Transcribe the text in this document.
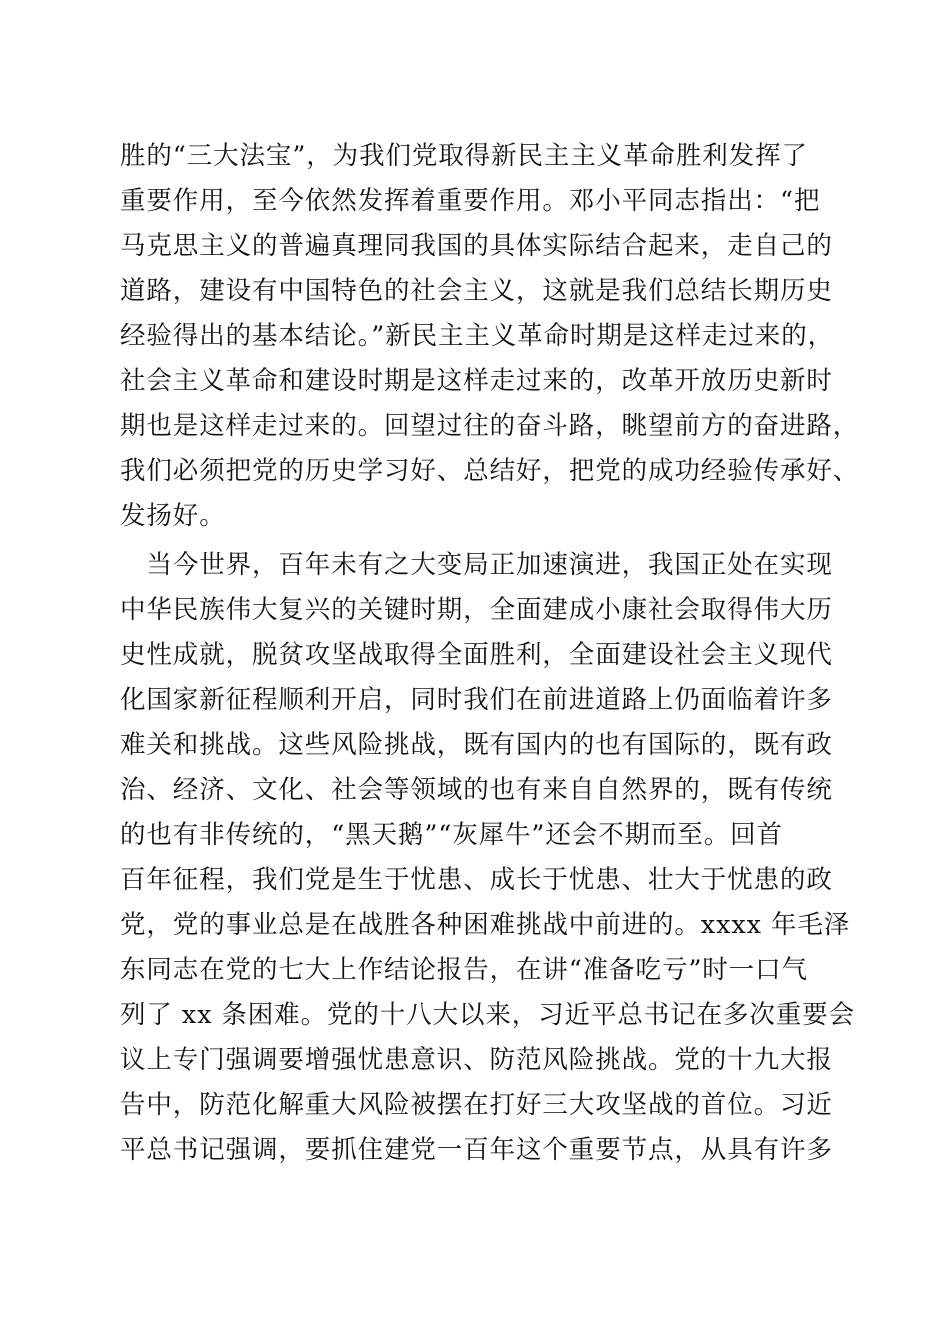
胜的“三大法宝”，为我们党取得新民主主义革命胜利发挥了
重要作用，至今依然发挥着重要作用。邓小平同志指出：“把
马克思主义的普遍真理同我国的具体实际结合起来，走自己的
道路，建设有中国特色的社会主义，这就是我们总结长期历史
经验得出的基本结论。”新民主主义革命时期是这样走过来的，
社会主义革命和建设时期是这样走过来的，改革开放历史新时
期也是这样走过来的。回望过往的奋斗路，眺望前方的奋进路，
我们必须把党的历史学习好、总结好，把党的成功经验传承好、
发扬好。
　当今世界，百年未有之大变局正加速演进，我国正处在实现
中华民族伟大复兴的关键时期，全面建成小康社会取得伟大历
史性成就，脱贫攻坚战取得全面胜利，全面建设社会主义现代
化国家新征程顺利开启，同时我们在前进道路上仍面临着许多
难关和挑战。这些风险挑战，既有国内的也有国际的，既有政
治、经济、文化、社会等领域的也有来自自然界的，既有传统
的也有非传统的，“黑天鹅”“灰犀牛”还会不期而至。回首
百年征程，我们党是生于忧患、成长于忧患、壮大于忧患的政
党，党的事业总是在战胜各种困难挑战中前进的。xxxx 年毛泽
东同志在党的七大上作结论报告，在讲“准备吃亏”时一口气
列了 xx 条困难。党的十八大以来，习近平总书记在多次重要会
议上专门强调要增强忧患意识、防范风险挑战。党的十九大报
告中，防范化解重大风险被摆在打好三大攻坚战的首位。习近
平总书记强调，要抓住建党一百年这个重要节点，从具有许多
